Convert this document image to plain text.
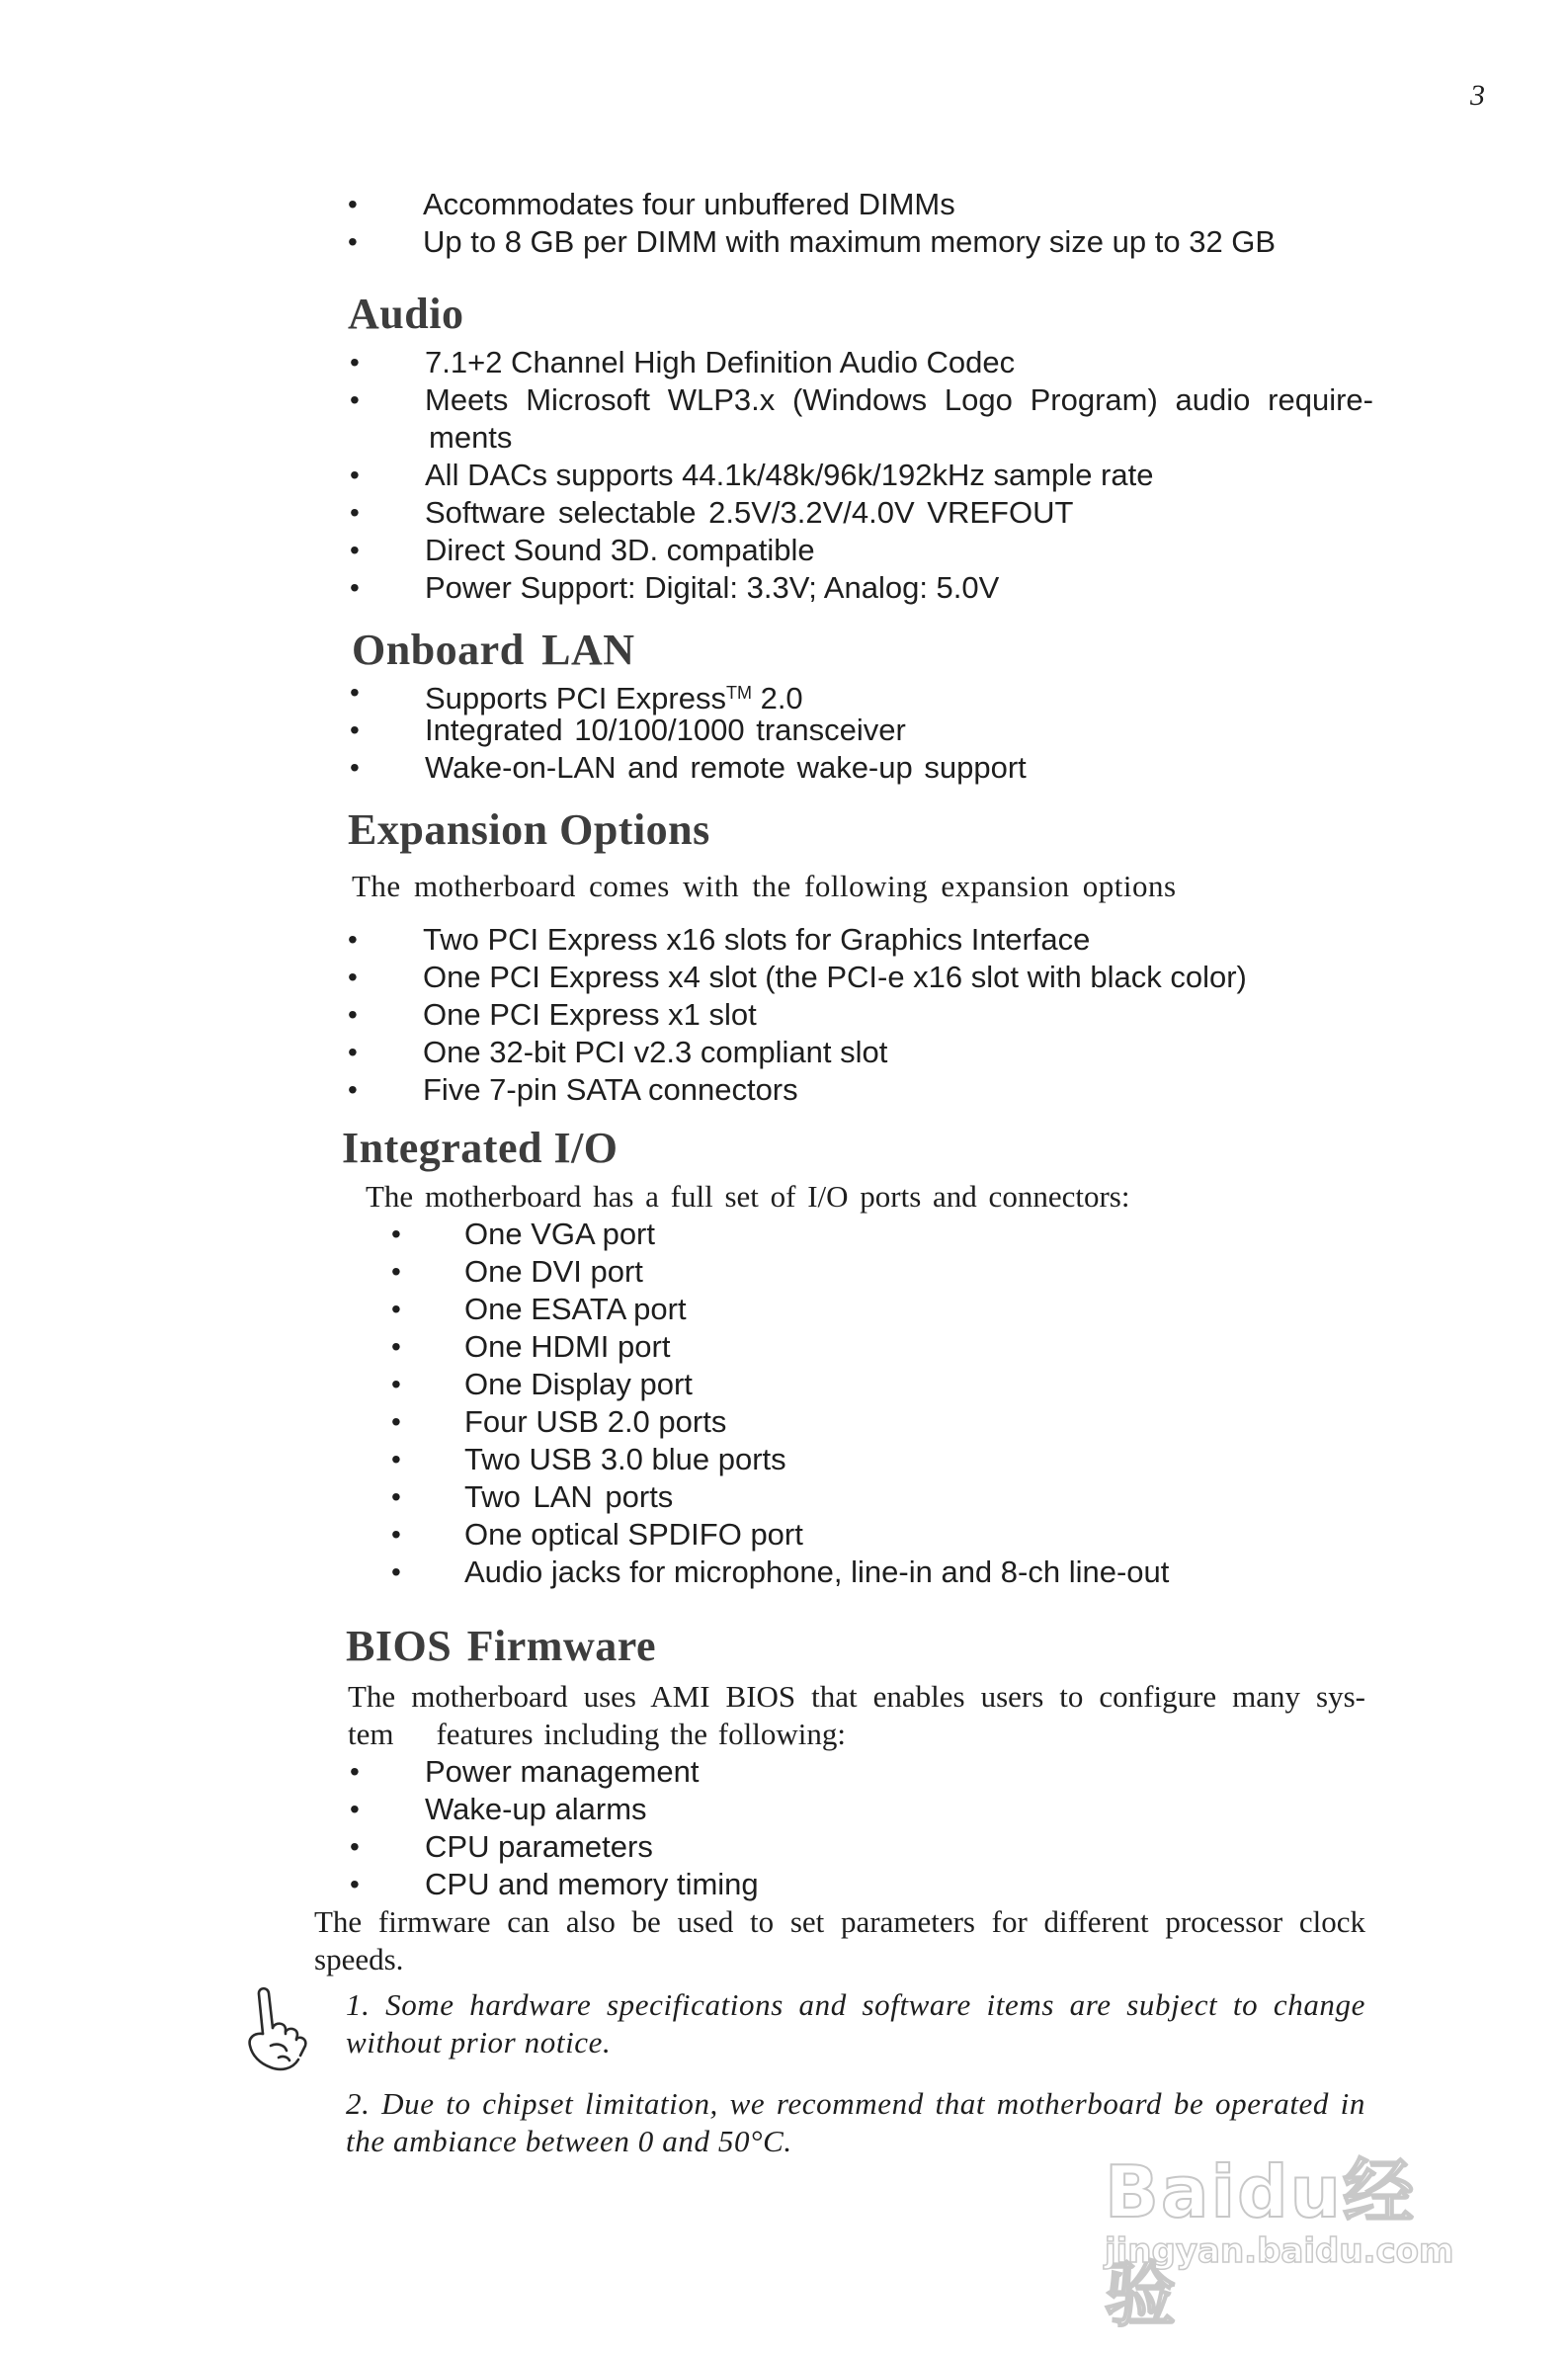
3
• Accommodates four unbuffered DIMMs
• Up to 8 GB per DIMM with maximum memory size up to 32 GB
Audio
• 7.1+2 Channel High Definition Audio Codec
• Meets Microsoft WLP3.x (Windows Logo Program) audio require-
ments
• All DACs supports 44.1k/48k/96k/192kHz sample rate
• Software selectable 2.5V/3.2V/4.0V VREFOUT
• Direct Sound 3D. compatible
• Power Support: Digital: 3.3V; Analog: 5.0V
Onboard LAN
• Supports PCI Express™ 2.0
• Integrated 10/100/1000 transceiver
• Wake-on-LAN and remote wake-up support
Expansion Options
The motherboard comes with the following expansion options
• Two PCI Express x16 slots for Graphics Interface
• One PCI Express x4 slot (the PCI-e x16 slot with black color)
• One PCI Express x1 slot
• One 32-bit PCI v2.3 compliant slot
• Five 7-pin SATA connectors
Integrated I/O
The motherboard has a full set of I/O ports and connectors:
• One VGA port
• One DVI port
• One ESATA port
• One HDMI port
• One Display port
• Four USB 2.0 ports
• Two USB 3.0 blue ports
• Two LAN ports
• One optical SPDIFO port
• Audio jacks for microphone, line-in and 8-ch line-out
BIOS Firmware
The motherboard uses AMI BIOS that enables users to configure many sys-
tem    features including the following:
• Power management
• Wake-up alarms
• CPU parameters
• CPU and memory timing
The firmware can also be used to set parameters for different processor clock
speeds.
1. Some hardware specifications and software items are subject to change
without prior notice.
2. Due to chipset limitation, we recommend that motherboard be operated in
the ambiance between 0 and 50°C.
Baidu经验
jingyan.baidu.com
